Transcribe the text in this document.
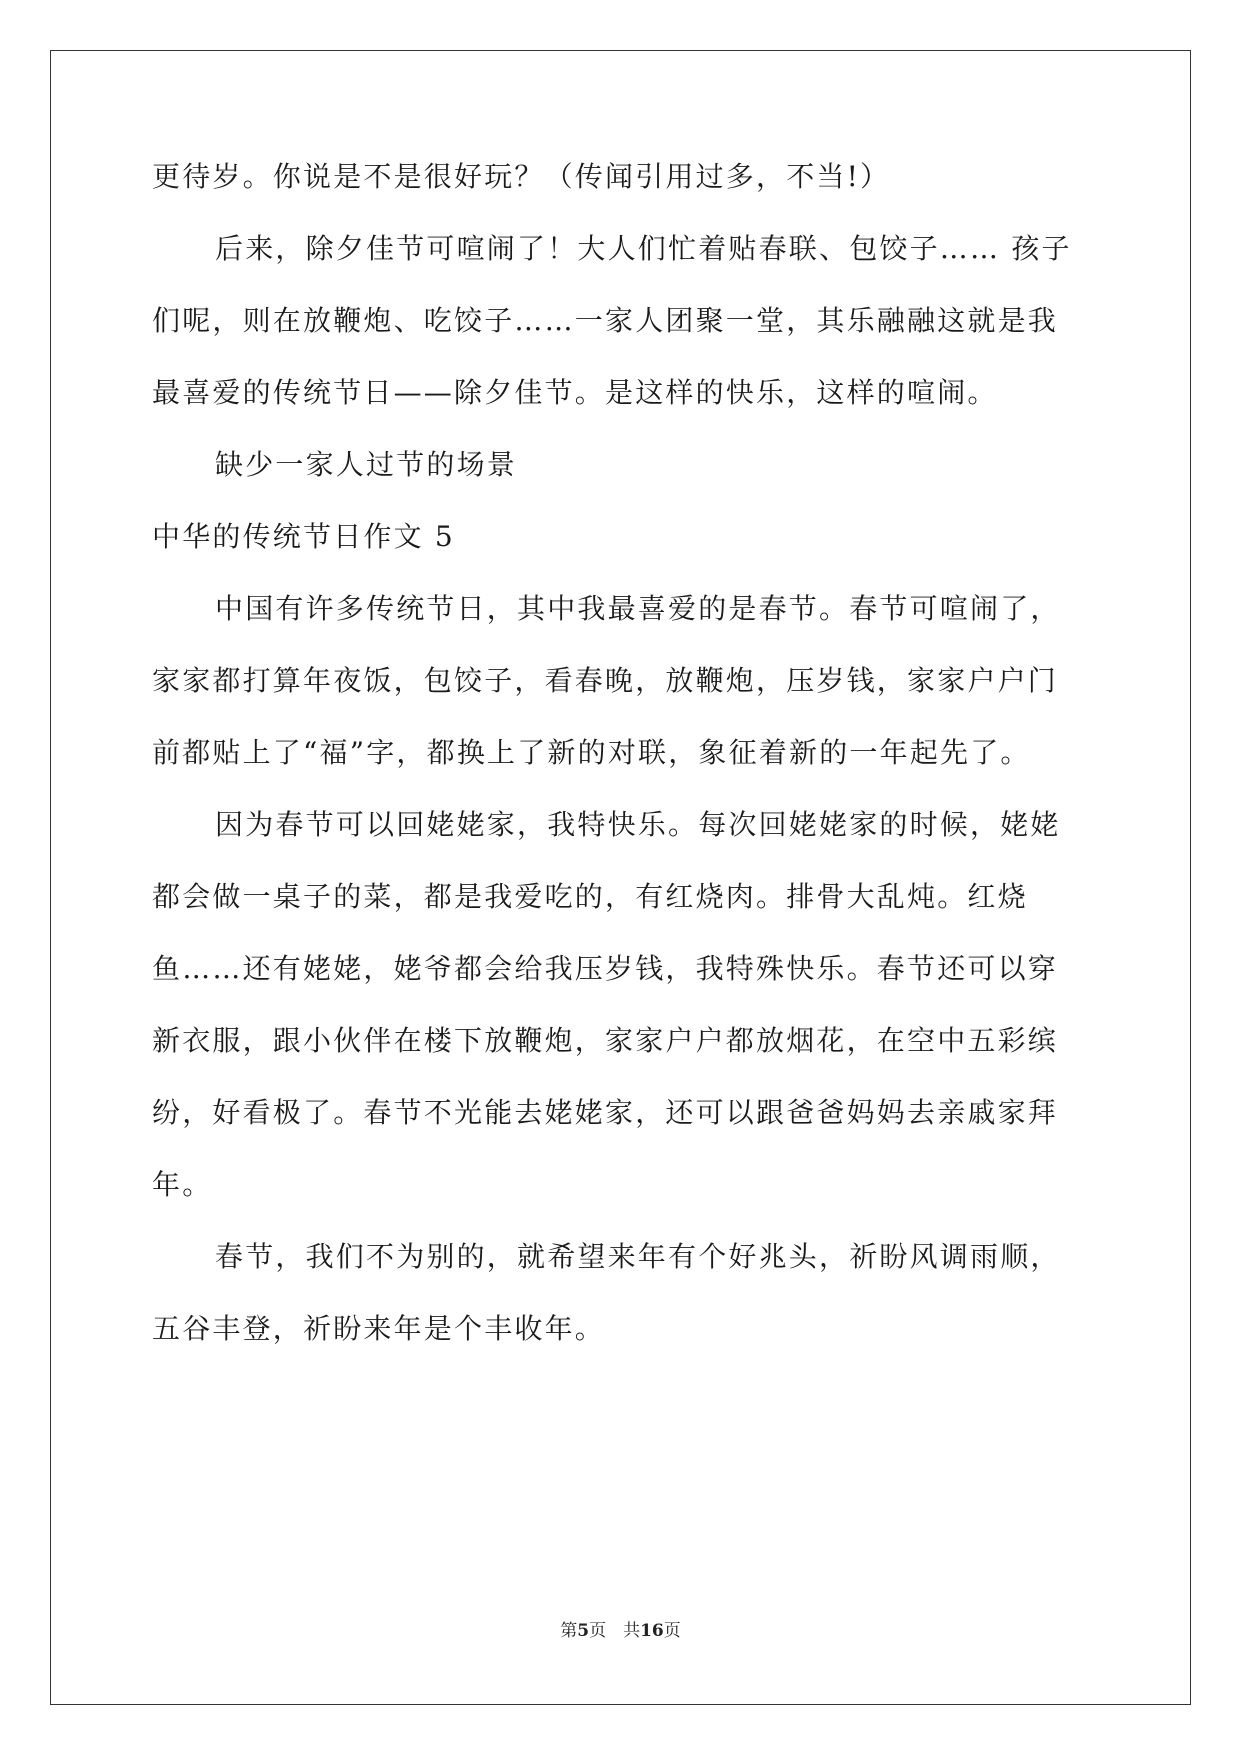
更待岁。你说是不是很好玩？（传闻引用过多，不当!）
后来，除夕佳节可喧闹了！大人们忙着贴春联、包饺子…… 孩子
们呢，则在放鞭炮、吃饺子……一家人团聚一堂，其乐融融这就是我
最喜爱的传统节日——除夕佳节。是这样的快乐，这样的喧闹。
缺少一家人过节的场景
中华的传统节日作文 5
中国有许多传统节日，其中我最喜爱的是春节。春节可喧闹了，
家家都打算年夜饭，包饺子，看春晚，放鞭炮，压岁钱，家家户户门
前都贴上了“福”字，都换上了新的对联，象征着新的一年起先了。
因为春节可以回姥姥家，我特快乐。每次回姥姥家的时候，姥姥
都会做一桌子的菜，都是我爱吃的，有红烧肉。排骨大乱炖。红烧
鱼……还有姥姥，姥爷都会给我压岁钱，我特殊快乐。春节还可以穿
新衣服，跟小伙伴在楼下放鞭炮，家家户户都放烟花，在空中五彩缤
纷，好看极了。春节不光能去姥姥家，还可以跟爸爸妈妈去亲戚家拜
年。
春节，我们不为别的，就希望来年有个好兆头，祈盼风调雨顺，
五谷丰登，祈盼来年是个丰收年。
第5页　共16页
